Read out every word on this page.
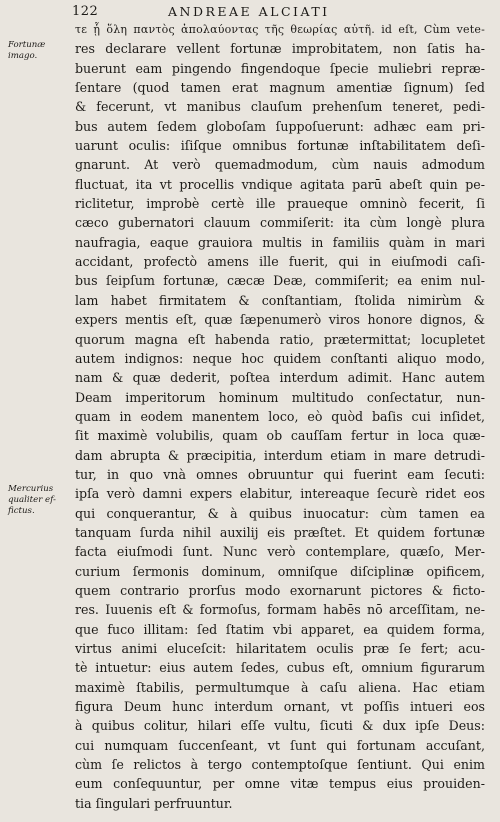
122	ANDREAE ALCIATI
Fortunæ
imago.
Mercurius
qualiter ef-
fictus.
τε ᾗ ὅλη παντὸς ἀπολαύοντας τῆς θεωρίας αὐτῆ. id eſt, Cùm vete-
res declarare vellent fortunæ improbitatem, non ſatis ha-
buerunt eam pingendo fingendoque ſpecie muliebri repræ-
ſentare (quod tamen erat magnum amentiæ ſignum) ſed
& fecerunt, vt manibus clauſum prehenſum teneret, pedi-
bus autem ſedem globoſam ſuppoſuerunt: adhæc eam pri-
uarunt oculis: iſiſque omnibus fortunæ inſtabilitatem deſi-
gnarunt. At verò quemadmodum, cùm nauis admodum
fluctuat, ita vt procellis vndique agitata parū abeſt quin pe-
riclitetur, improbè certè ille praueque omninò fecerit, ſi
cæco gubernatori clauum commiſerit: ita cùm longè plura
naufragia, eaque grauiora multis in familiis quàm in mari
accidant, profectò amens ille fuerit, qui in eiuſmodi caſi-
bus ſeipſum fortunæ, cæcæ Deæ, commiſerit; ea enim nul-
lam habet firmitatem & conſtantiam, ſtolida nimirùm &
expers mentis eſt, quæ ſæpenumerò viros honore dignos, &
quorum magna eſt habenda ratio, prætermittat; locupletet
autem indignos: neque hoc quidem conſtanti aliquo modo,
nam & quæ dederit, poſtea interdum adimit. Hanc autem
Deam imperitorum hominum multitudo conſectatur, nun-
quam in eodem manentem loco, eò quòd baſis cui inſidet,
ſit maximè volubilis, quam ob cauſſam fertur in loca quæ-
dam abrupta & præcipitia, interdum etiam in mare detrudi-
tur, in quo vnà omnes obruuntur qui fuerint eam ſecuti:
ipſa verò damni expers elabitur, intereaque ſecurè ridet eos
qui conquerantur, & à quibus inuocatur: cùm tamen ea
tanquam ſurda nihil auxilij eis præſtet. Et quidem fortunæ
facta eiuſmodi ſunt. Nunc verò contemplare, quæſo, Mer-
curium ſermonis dominum, omniſque diſciplinæ opificem,
quem contrario prorſus modo exornarunt pictores & fictо-
res. Iuuenis eſt & formoſus, formam habēs nō arceſſitam, ne-
que fuco illitam: ſed ſtatim vbi apparet, ea quidem forma,
virtus animi eluceſcit: hilaritatem oculis præ ſe fert; acu-
tè intuetur: eius autem ſedes, cubus eſt, omnium figurarum
maximè ſtabilis, permultumque à caſu aliena. Hac etiam
figura Deum hunc interdum ornant, vt poſſis intueri eos
à quibus colitur, hilari eſſe vultu, ſicuti & dux ipſe Deus:
cui numquam ſuccenſeant, vt ſunt qui fortunam accuſant,
cùm ſe relictos à tergo contemptoſque ſentiunt. Qui enim
eum conſequuntur, per omne vitæ tempus eius prouiden-
tia ſingulari perfruuntur.
